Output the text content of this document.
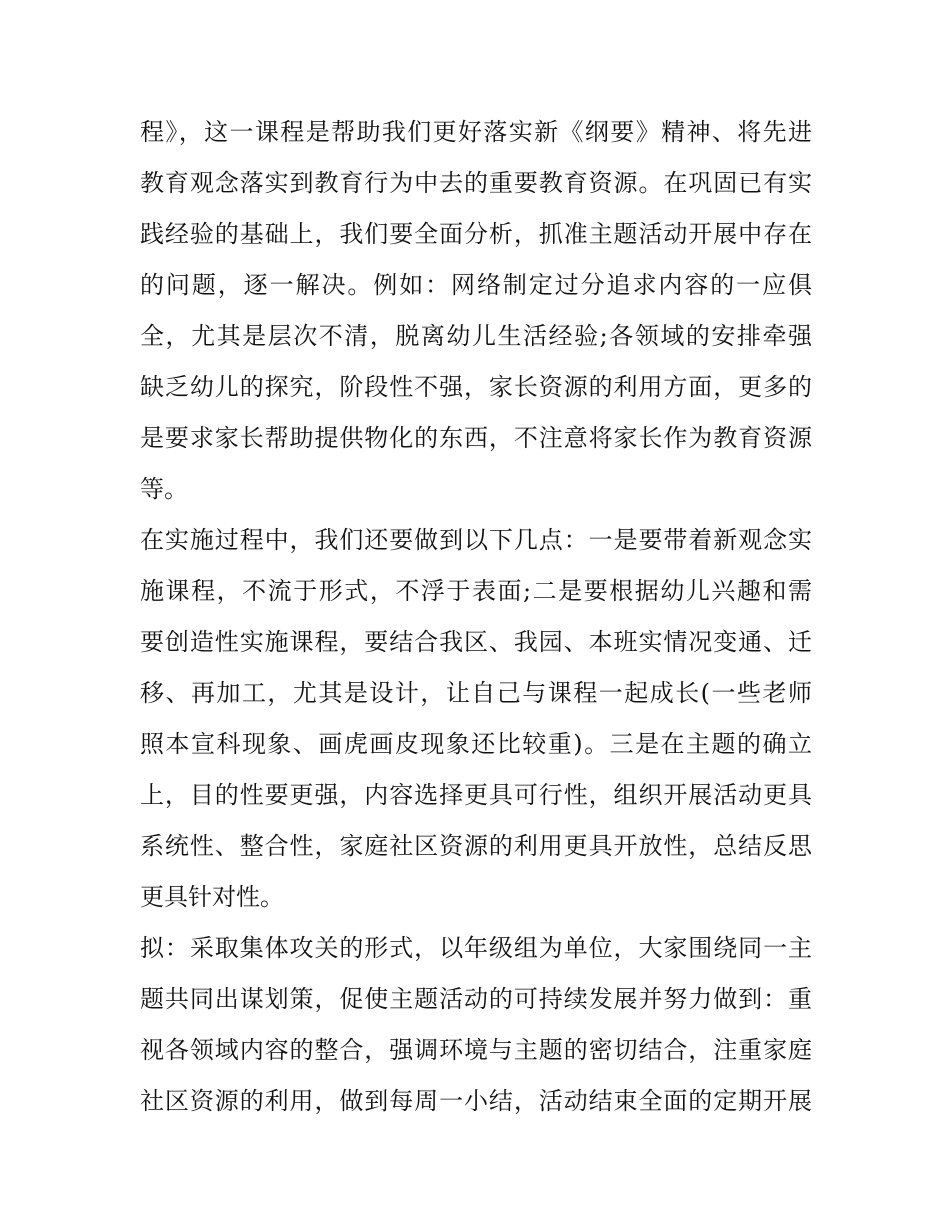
程》，这一课程是帮助我们更好落实新《纲要》精神、将先进
教育观念落实到教育行为中去的重要教育资源。在巩固已有实
践经验的基础上，我们要全面分析，抓准主题活动开展中存在
的问题，逐一解决。例如：网络制定过分追求内容的一应俱
全，尤其是层次不清，脱离幼儿生活经验;各领域的安排牵强
缺乏幼儿的探究，阶段性不强，家长资源的利用方面，更多的
是要求家长帮助提供物化的东西，不注意将家长作为教育资源
等。
在实施过程中，我们还要做到以下几点：一是要带着新观念实
施课程，不流于形式，不浮于表面;二是要根据幼儿兴趣和需
要创造性实施课程，要结合我区、我园、本班实情况变通、迁
移、再加工，尤其是设计，让自己与课程一起成长(一些老师
照本宣科现象、画虎画皮现象还比较重)。三是在主题的确立
上，目的性要更强，内容选择更具可行性，组织开展活动更具
系统性、整合性，家庭社区资源的利用更具开放性，总结反思
更具针对性。
拟：采取集体攻关的形式，以年级组为单位，大家围绕同一主
题共同出谋划策，促使主题活动的可持续发展并努力做到：重
视各领域内容的整合，强调环境与主题的密切结合，注重家庭
社区资源的利用，做到每周一小结，活动结束全面的定期开展
